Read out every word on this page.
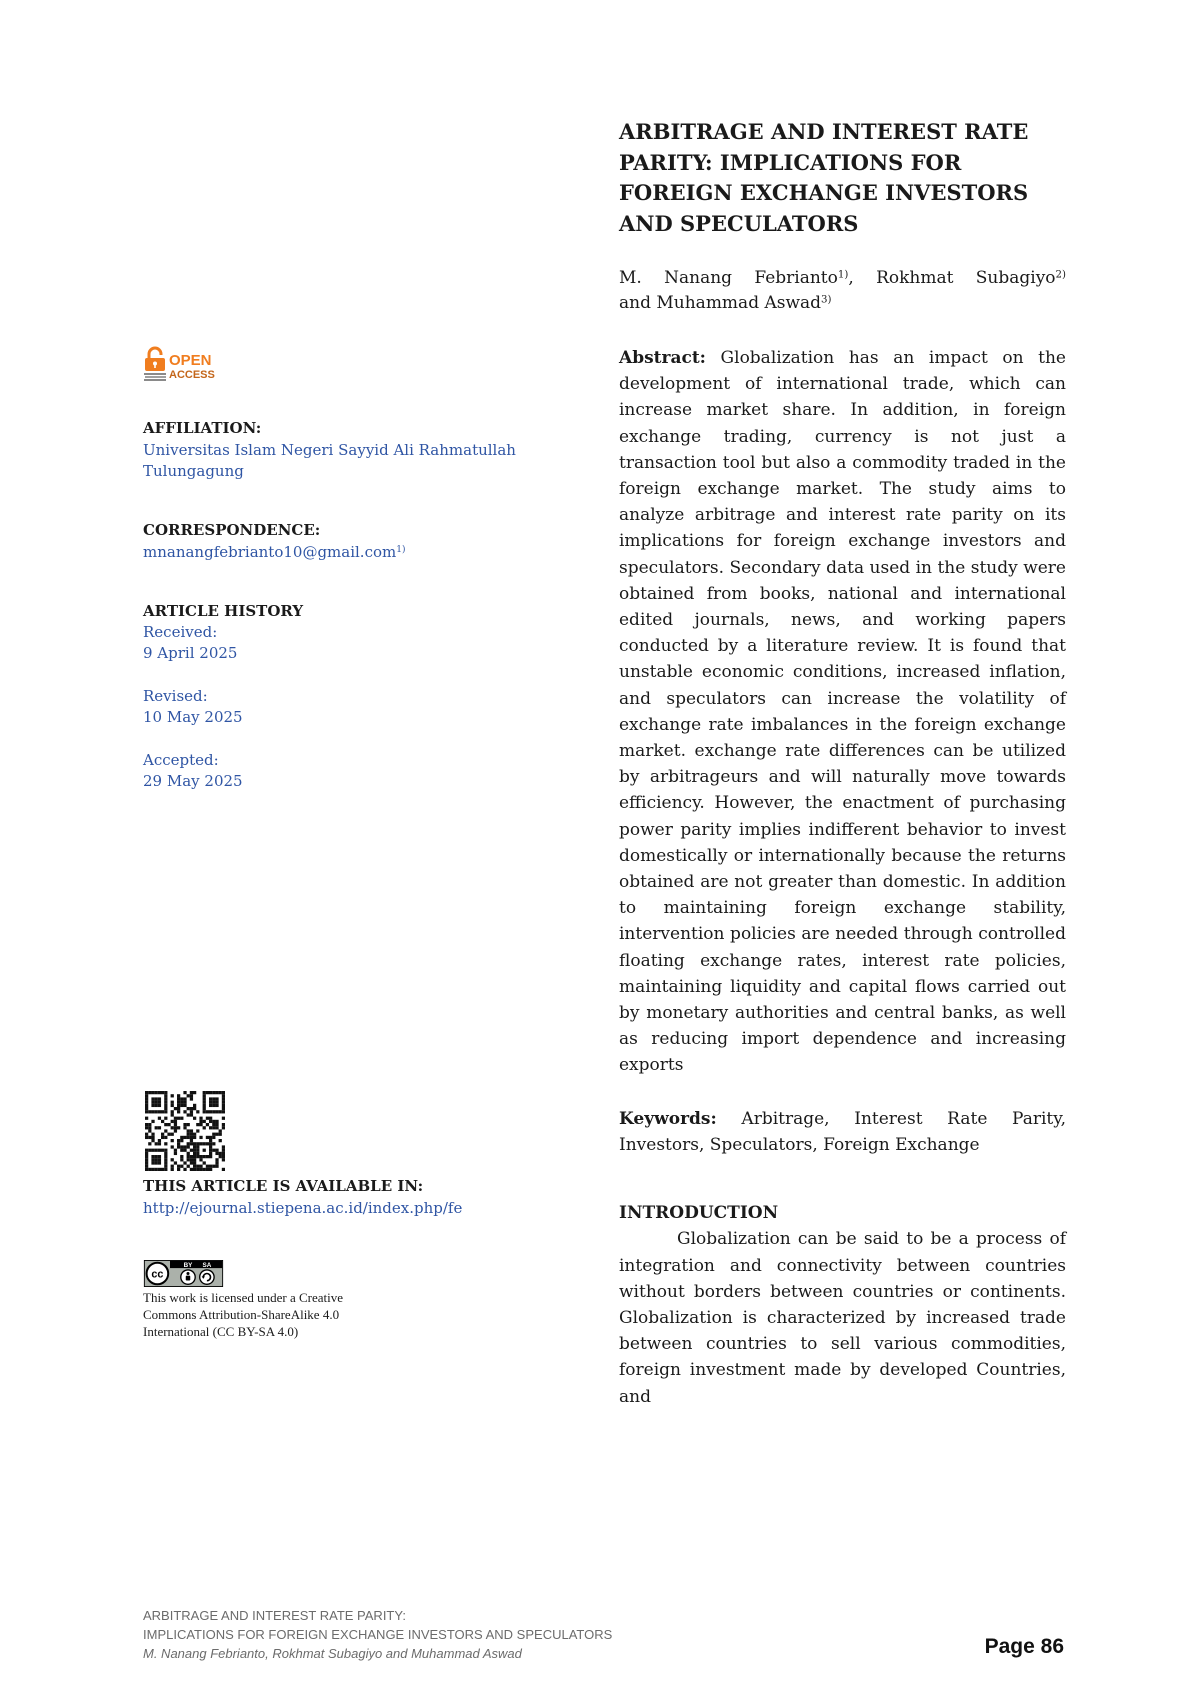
OPEN
ACCESS
AFFILIATION:
Universitas Islam Negeri Sayyid Ali Rahmatullah Tulungagung
CORRESPONDENCE:
mnanangfebrianto10@gmail.com$^{1)}$
ARTICLE HISTORY
Received:
9 April 2025
Revised:
10 May 2025
Accepted:
29 May 2025
THIS ARTICLE IS AVAILABLE IN:
http://ejournal.stiepena.ac.id/index.php/fe
cc
BY SA
This work is licensed under a Creative Commons Attribution-ShareAlike 4.0 International (CC BY-SA 4.0)
ARBITRAGE AND INTEREST RATE PARITY: IMPLICATIONS FOR FOREIGN EXCHANGE INVESTORS AND SPECULATORS
M. Nanang Febrianto$^{1)}$, Rokhmat Subagiyo$^{2)}$
and Muhammad Aswad$^{3)}$
Abstract: Globalization has an impact on the development of international trade, which can increase market share. In addition, in foreign exchange trading, currency is not just a transaction tool but also a commodity traded in the foreign exchange market. The study aims to analyze arbitrage and interest rate parity on its implications for foreign exchange investors and speculators. Secondary data used in the study were obtained from books, national and international edited journals, news, and working papers conducted by a literature review. It is found that unstable economic conditions, increased inflation, and speculators can increase the volatility of exchange rate imbalances in the foreign exchange market. exchange rate differences can be utilized by arbitrageurs and will naturally move towards efficiency. However, the enactment of purchasing power parity implies indifferent behavior to invest domestically or internationally because the returns obtained are not greater than domestic. In addition to maintaining foreign exchange stability, intervention policies are needed through controlled floating exchange rates, interest rate policies, maintaining liquidity and capital flows carried out by monetary authorities and central banks, as well as reducing import dependence and increasing exports
Keywords: Arbitrage, Interest Rate Parity, Investors, Speculators, Foreign Exchange
INTRODUCTION

Globalization can be said to be a process of integration and connectivity between countries without borders between countries or continents. Globalization is characterized by increased trade between countries to sell various commodities, foreign investment made by developed Countries, and

ARBITRAGE AND INTEREST RATE PARITY:
IMPLICATIONS FOR FOREIGN EXCHANGE INVESTORS AND SPECULATORS
M. Nanang Febrianto, Rokhmat Subagiyo and Muhammad Aswad	Page 86
